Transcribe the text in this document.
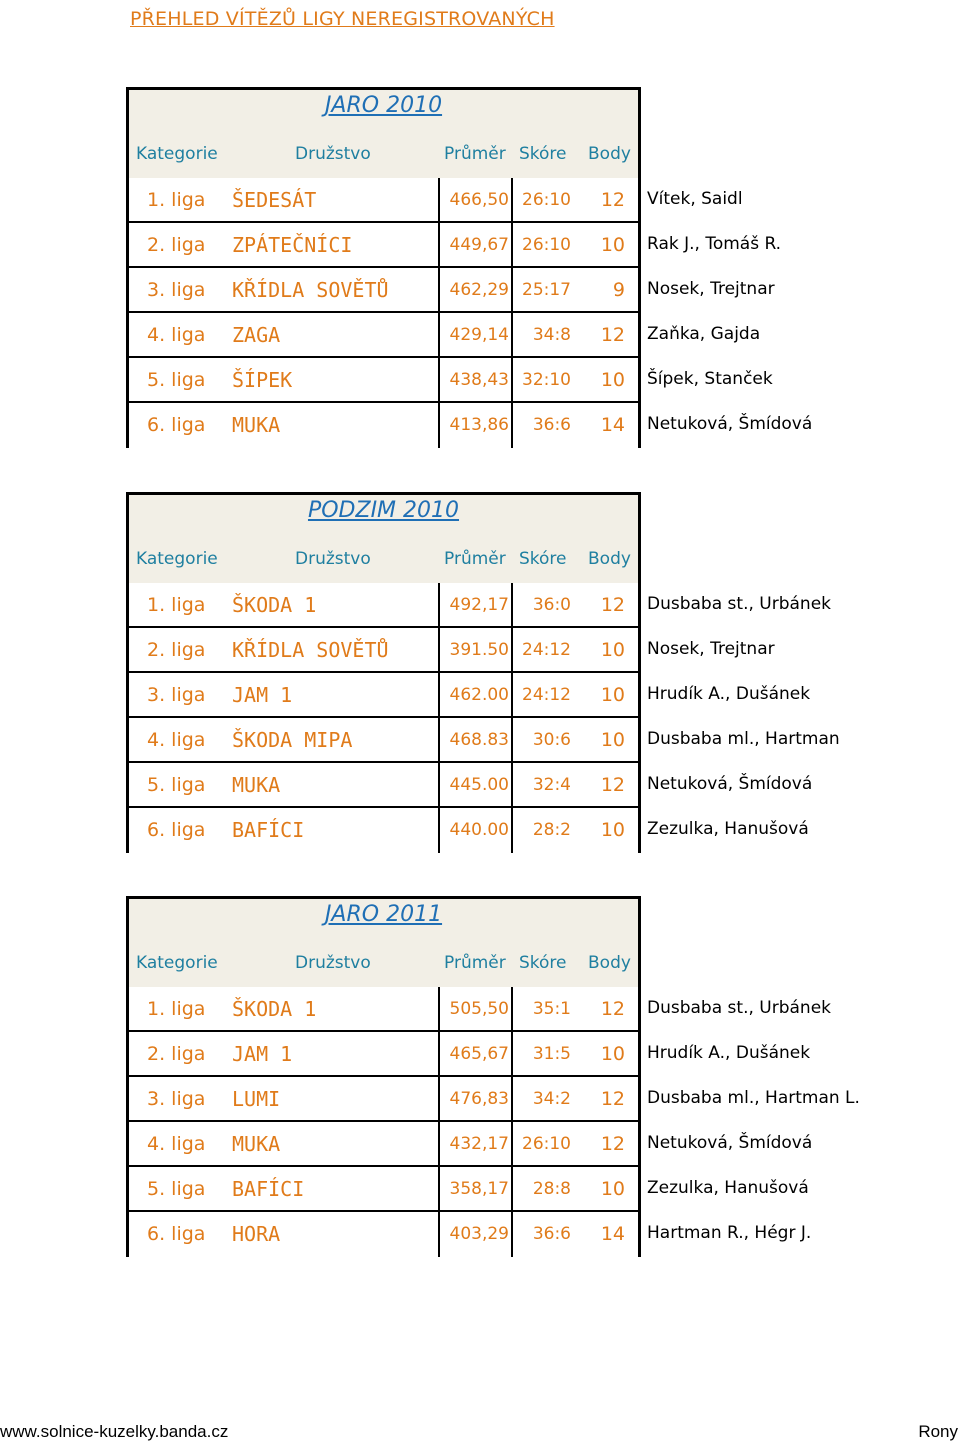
PŘEHLED VÍTĚZŮ LIGY NEREGISTROVANÝCH
JARO 2010
Kategorie	Družstvo	Průměr Skóre Body
1. liga ŠEDESÁT	466,50 26:10	12 Vítek, Saidl
2. liga ZPÁTEČNÍCI	449,67 26:10	10 Rak J., Tomáš R.
3. liga KŘÍDLA SOVĚTŮ	462,29 25:17	9 Nosek, Trejtnar
4. liga ZAGA	429,14	34:8	12 Zaňka, Gajda
5. liga ŠÍPEK	438,43 32:10	10 Šípek, Stanček
6. liga MUKA	413,86	36:6	14 Netuková, Šmídová
PODZIM 2010
Kategorie	Družstvo	Průměr Skóre Body
1. liga ŠKODA 1	492,17	36:0	12 Dusbaba st., Urbánek
2. liga KŘÍDLA SOVĚTŮ	391.50 24:12	10 Nosek, Trejtnar
3. liga JAM 1	462.00 24:12	10 Hrudík A., Dušánek
4. liga ŠKODA MIPA	468.83	30:6	10 Dusbaba ml., Hartman
5. liga MUKA	445.00	32:4	12 Netuková, Šmídová
6. liga BAFÍCI	440.00	28:2	10 Zezulka, Hanušová
JARO 2011
Kategorie	Družstvo	Průměr Skóre Body
1. liga ŠKODA 1	505,50	35:1	12 Dusbaba st., Urbánek
2. liga JAM 1	465,67	31:5	10 Hrudík A., Dušánek
3. liga LUMI	476,83	34:2	12 Dusbaba ml., Hartman L.
4. liga MUKA	432,17 26:10	12 Netuková, Šmídová
5. liga BAFÍCI	358,17	28:8	10 Zezulka, Hanušová
6. liga HORA	403,29	36:6	14 Hartman R., Hégr J.
www.solnice-kuzelky.banda.cz	Rony
